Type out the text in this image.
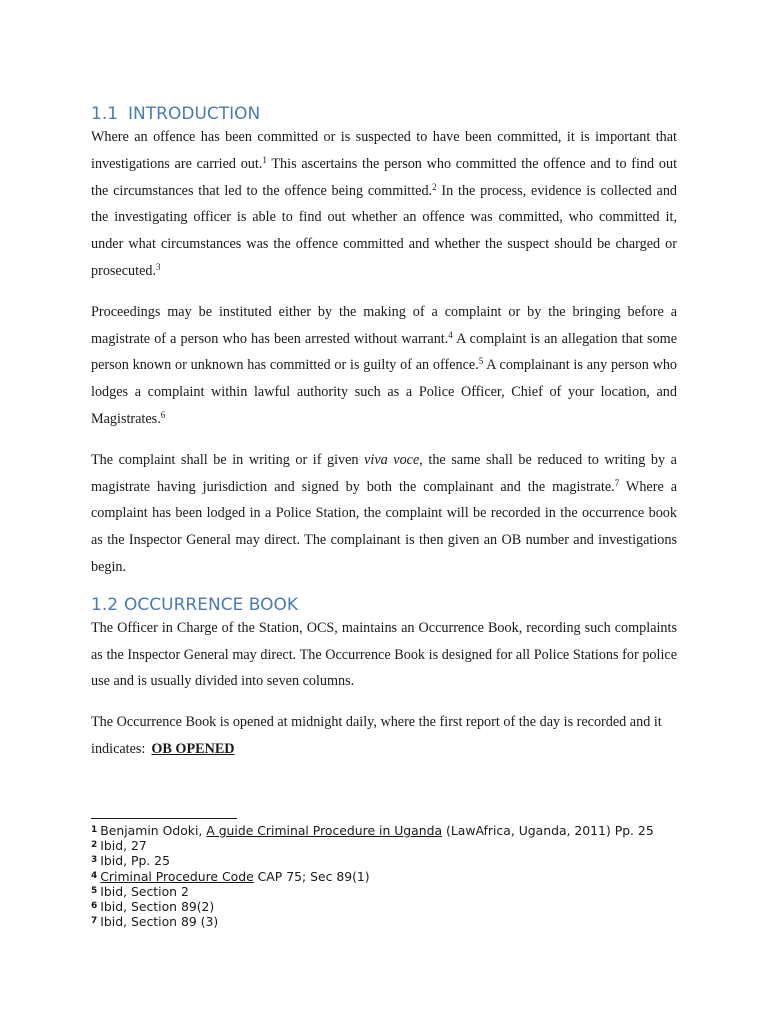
1.1 INTRODUCTION

Where an offence has been committed or is suspected to have been committed, it is important that investigations are carried out.$^1$ This ascertains the person who committed the offence and to find out the circumstances that led to the offence being committed.$^2$ In the process, evidence is collected and the investigating officer is able to find out whether an offence was committed, who committed it, under what circumstances was the offence committed and whether the suspect should be charged or prosecuted.$^3$

Proceedings may be instituted either by the making of a complaint or by the bringing before a magistrate of a person who has been arrested without warrant.$^4$ A complaint is an allegation that some person known or unknown has committed or is guilty of an offence.$^5$ A complainant is any person who lodges a complaint within lawful authority such as a Police Officer, Chief of your location, and Magistrates.$^6$

The complaint shall be in writing or if given viva voce, the same shall be reduced to writing by a magistrate having jurisdiction and signed by both the complainant and the magistrate.$^7$ Where a complaint has been lodged in a Police Station, the complaint will be recorded in the occurrence book as the Inspector General may direct. The complainant is then given an OB number and investigations begin.

1.2 OCCURRENCE BOOK

The Officer in Charge of the Station, OCS, maintains an Occurrence Book, recording such complaints as the Inspector General may direct. The Occurrence Book is designed for all Police Stations for police use and is usually divided into seven columns.

The Occurrence Book is opened at midnight daily, where the first report of the day is recorded and it indicates: OB OPENED

$^1$ Benjamin Odoki, A guide Criminal Procedure in Uganda (LawAfrica, Uganda, 2011) Pp. 25
$^2$ Ibid, 27
$^3$ Ibid, Pp. 25
$^4$ Criminal Procedure Code CAP 75; Sec 89(1)
$^5$ Ibid, Section 2
$^6$ Ibid, Section 89(2)
$^7$ Ibid, Section 89 (3)
